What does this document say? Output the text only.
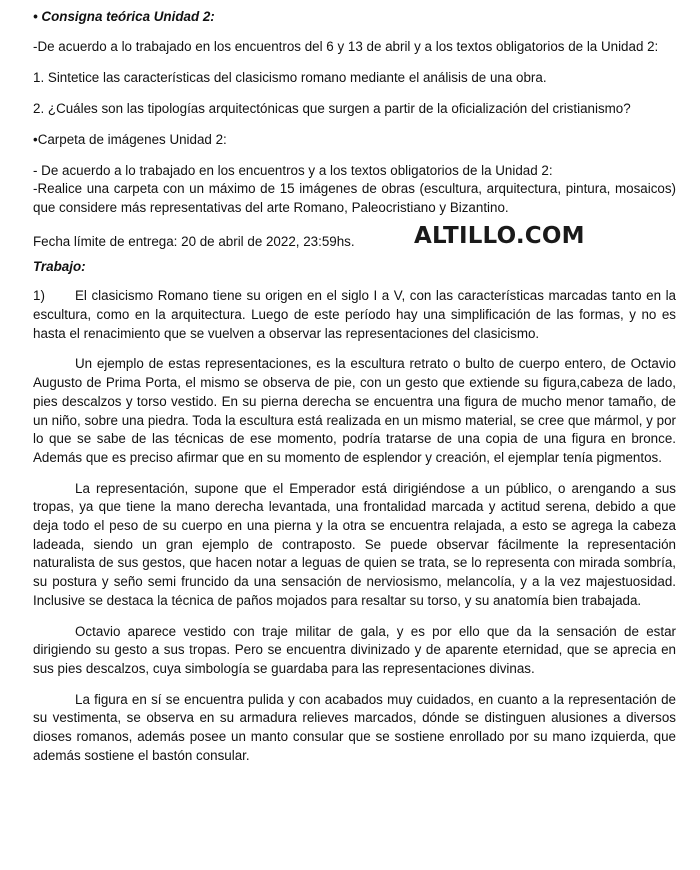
• Consigna teórica Unidad 2:

-De acuerdo a lo trabajado en los encuentros del 6 y 13 de abril y a los textos obligatorios de la Unidad 2:

1. Sintetice las características del clasicismo romano mediante el análisis de una obra.

2. ¿Cuáles son las tipologías arquitectónicas que surgen a partir de la oficialización del cristianismo?

•Carpeta de imágenes Unidad 2:

- De acuerdo a lo trabajado en los encuentros y a los textos obligatorios de la Unidad 2:

-Realice una carpeta con un máximo de 15 imágenes de obras (escultura, arquitectura, pintura, mosaicos) que considere más representativas del arte Romano, Paleocristiano y Bizantino.

Fecha límite de entrega: 20 de abril de 2022, 23:59hs.	ALTILLO.COM

Trabajo:

1) El clasicismo Romano tiene su origen en el siglo I a V, con las características marcadas tanto en la escultura, como en la arquitectura. Luego de este período hay una simplificación de las formas, y no es hasta el renacimiento que se vuelven a observar las representaciones del clasicismo.

Un ejemplo de estas representaciones, es la escultura retrato o bulto de cuerpo entero, de Octavio Augusto de Prima Porta, el mismo se observa de pie, con un gesto que extiende su figura,cabeza de lado, pies descalzos y torso vestido. En su pierna derecha se encuentra una figura de mucho menor tamaño, de un niño, sobre una piedra. Toda la escultura está realizada en un mismo material, se cree que mármol, y por lo que se sabe de las técnicas de ese momento, podría tratarse de una copia de una figura en bronce. Además que es preciso afirmar que en su momento de esplendor y creación, el ejemplar tenía pigmentos.

La representación, supone que el Emperador está dirigiéndose a un público, o arengando a sus tropas, ya que tiene la mano derecha levantada, una frontalidad marcada y actitud serena, debido a que deja todo el peso de su cuerpo en una pierna y la otra se encuentra relajada, a esto se agrega la cabeza ladeada, siendo un gran ejemplo de contraposto. Se puede observar fácilmente la representación naturalista de sus gestos, que hacen notar a leguas de quien se trata, se lo representa con mirada sombría, su postura y seño semi fruncido da una sensación de nerviosismo, melancolía, y a la vez majestuosidad. Inclusive se destaca la técnica de paños mojados para resaltar su torso, y su anatomía bien trabajada.

Octavio aparece vestido con traje militar de gala, y es por ello que da la sensación de estar dirigiendo su gesto a sus tropas. Pero se encuentra divinizado y de aparente eternidad, que se aprecia en sus pies descalzos, cuya simbología se guardaba para las representaciones divinas.

La figura en sí se encuentra pulida y con acabados muy cuidados, en cuanto a la representación de su vestimenta, se observa en su armadura relieves marcados, dónde se distinguen alusiones a diversos dioses romanos, además posee un manto consular que se sostiene enrollado por su mano izquierda, que además sostiene el bastón consular.
